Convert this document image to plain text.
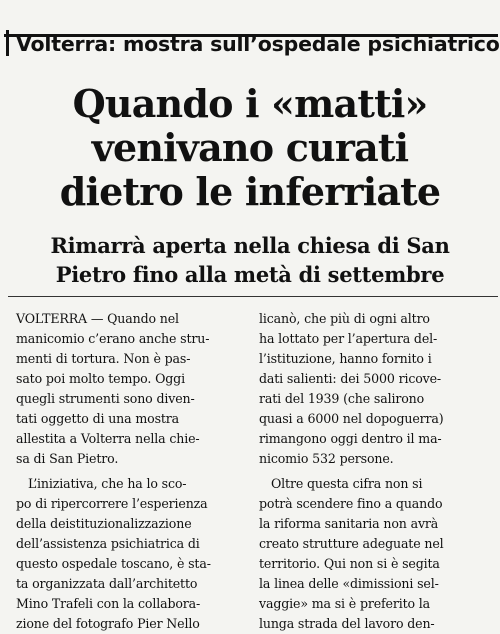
Volterra: mostra sull’ospedale psichiatrico
Quando i «matti»
venivano curati
dietro le inferriate
Rimarrà aperta nella chiesa di San
Pietro fino alla metà di settembre

VOLTERRA — Quando nel
manicomio c’erano anche stru-
menti di tortura. Non è pas-
sato poi molto tempo. Oggi
quegli strumenti sono diven-
tati oggetto di una mostra
allestita a Volterra nella chie-
sa di San Pietro.

L’iniziativa, che ha lo sco-
po di ripercorrere l’esperienza
della deistituzionalizzazione
dell’assistenza psichiatrica di
questo ospedale toscano, è sta-
ta organizzata dall’architetto
Mino Trafeli con la collabora-
zione del fotografo Pier Nello

licanò, che più di ogni altro
ha lottato per l’apertura del-
l’istituzione, hanno fornito i
dati salienti: dei 5000 ricove-
rati del 1939 (che salirono
quasi a 6000 nel dopoguerra)
rimangono oggi dentro il ma-
nicomio 532 persone.

Oltre questa cifra non si
potrà scendere fino a quando
la riforma sanitaria non avrà
creato strutture adeguate nel
territorio. Qui non si è segita
la linea delle «dimissioni sel-
vaggie» ma si è preferito la
lunga strada del lavoro den-
